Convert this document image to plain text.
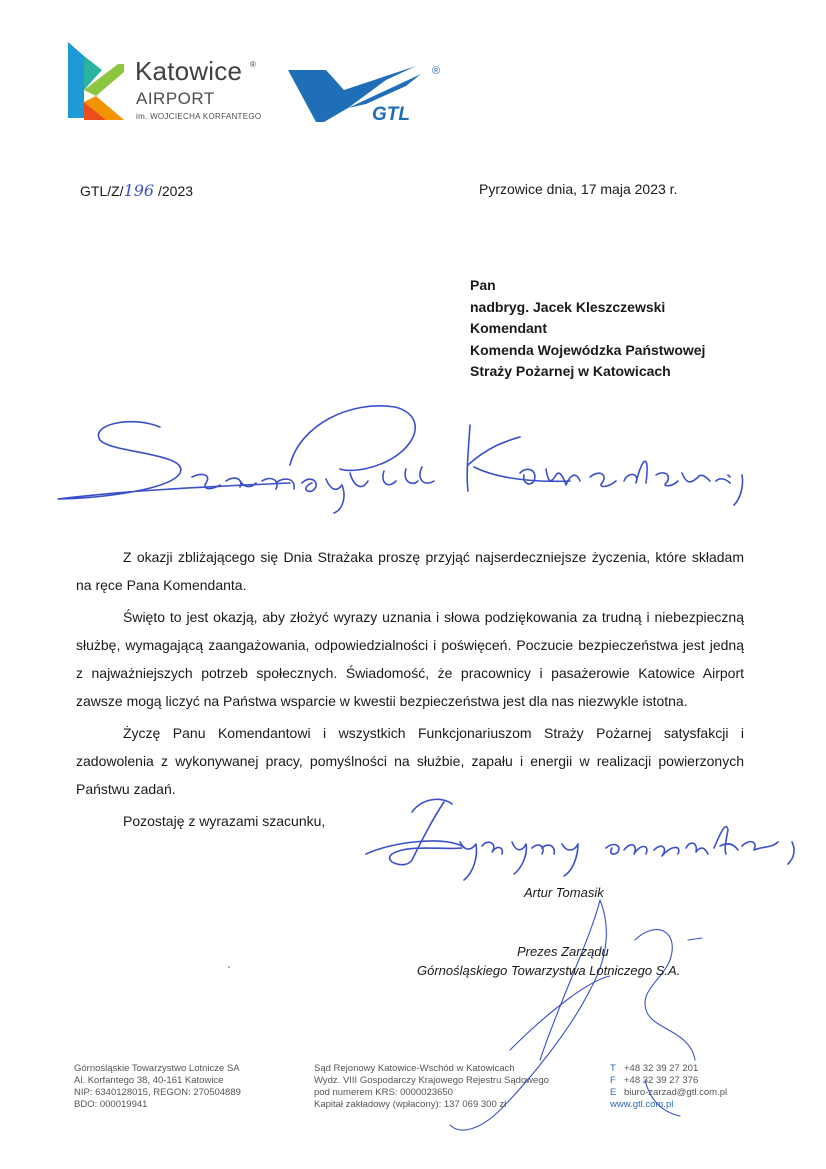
Katowice ®
AIRPORT
im. WOJCIECHA KORFANTEGO	GTL
®
GTL/Z/196 /2023	Pyrzowice dnia, 17 maja 2023 r.
Pan
nadbryg. Jacek Kleszczewski
Komendant
Komenda Wojewódzka Państwowej
Straży Pożarnej w Katowicach

Z okazji zbliżającego się Dnia Strażaka proszę przyjąć najserdeczniejsze życzenia, które składam na ręce Pana Komendanta.

Święto to jest okazją, aby złożyć wyrazy uznania i słowa podziękowania za trudną i niebezpieczną służbę, wymagającą zaangażowania, odpowiedzialności i poświęceń. Poczucie bezpieczeństwa jest jedną z najważniejszych potrzeb społecznych. Świadomość, że pracownicy i pasażerowie Katowice Airport zawsze mogą liczyć na Państwa wsparcie w kwestii bezpieczeństwa jest dla nas niezwykle istotna.

Życzę Panu Komendantowi i wszystkich Funkcjonariuszom Straży Pożarnej satysfakcji i zadowolenia z wykonywanej pracy, pomyślności na służbie, zapału i energii w realizacji powierzonych Państwu zadań.

Pozostaję z wyrazami szacunku,

Artur Tomasik
Prezes Zarządu
Górnośląskiego Towarzystwa Lotniczego S.A.
Górnośląskie Towarzystwo Lotnicze SA
Al. Korfantego 38, 40-161 Katowice
NIP: 6340128015, REGON: 270504889
BDO: 000019941
Sąd Rejonowy Katowice-Wschód w Katowicach
Wydz. VIII Gospodarczy Krajowego Rejestru Sądowego
pod numerem KRS: 0000023650
Kapitał zakładowy (wpłacony): 137 069 300 zł
T +48 32 39 27 201
F +48 32 39 27 376
E biuro-zarzad@gtl.com.pl
www.gtl.com.pl
